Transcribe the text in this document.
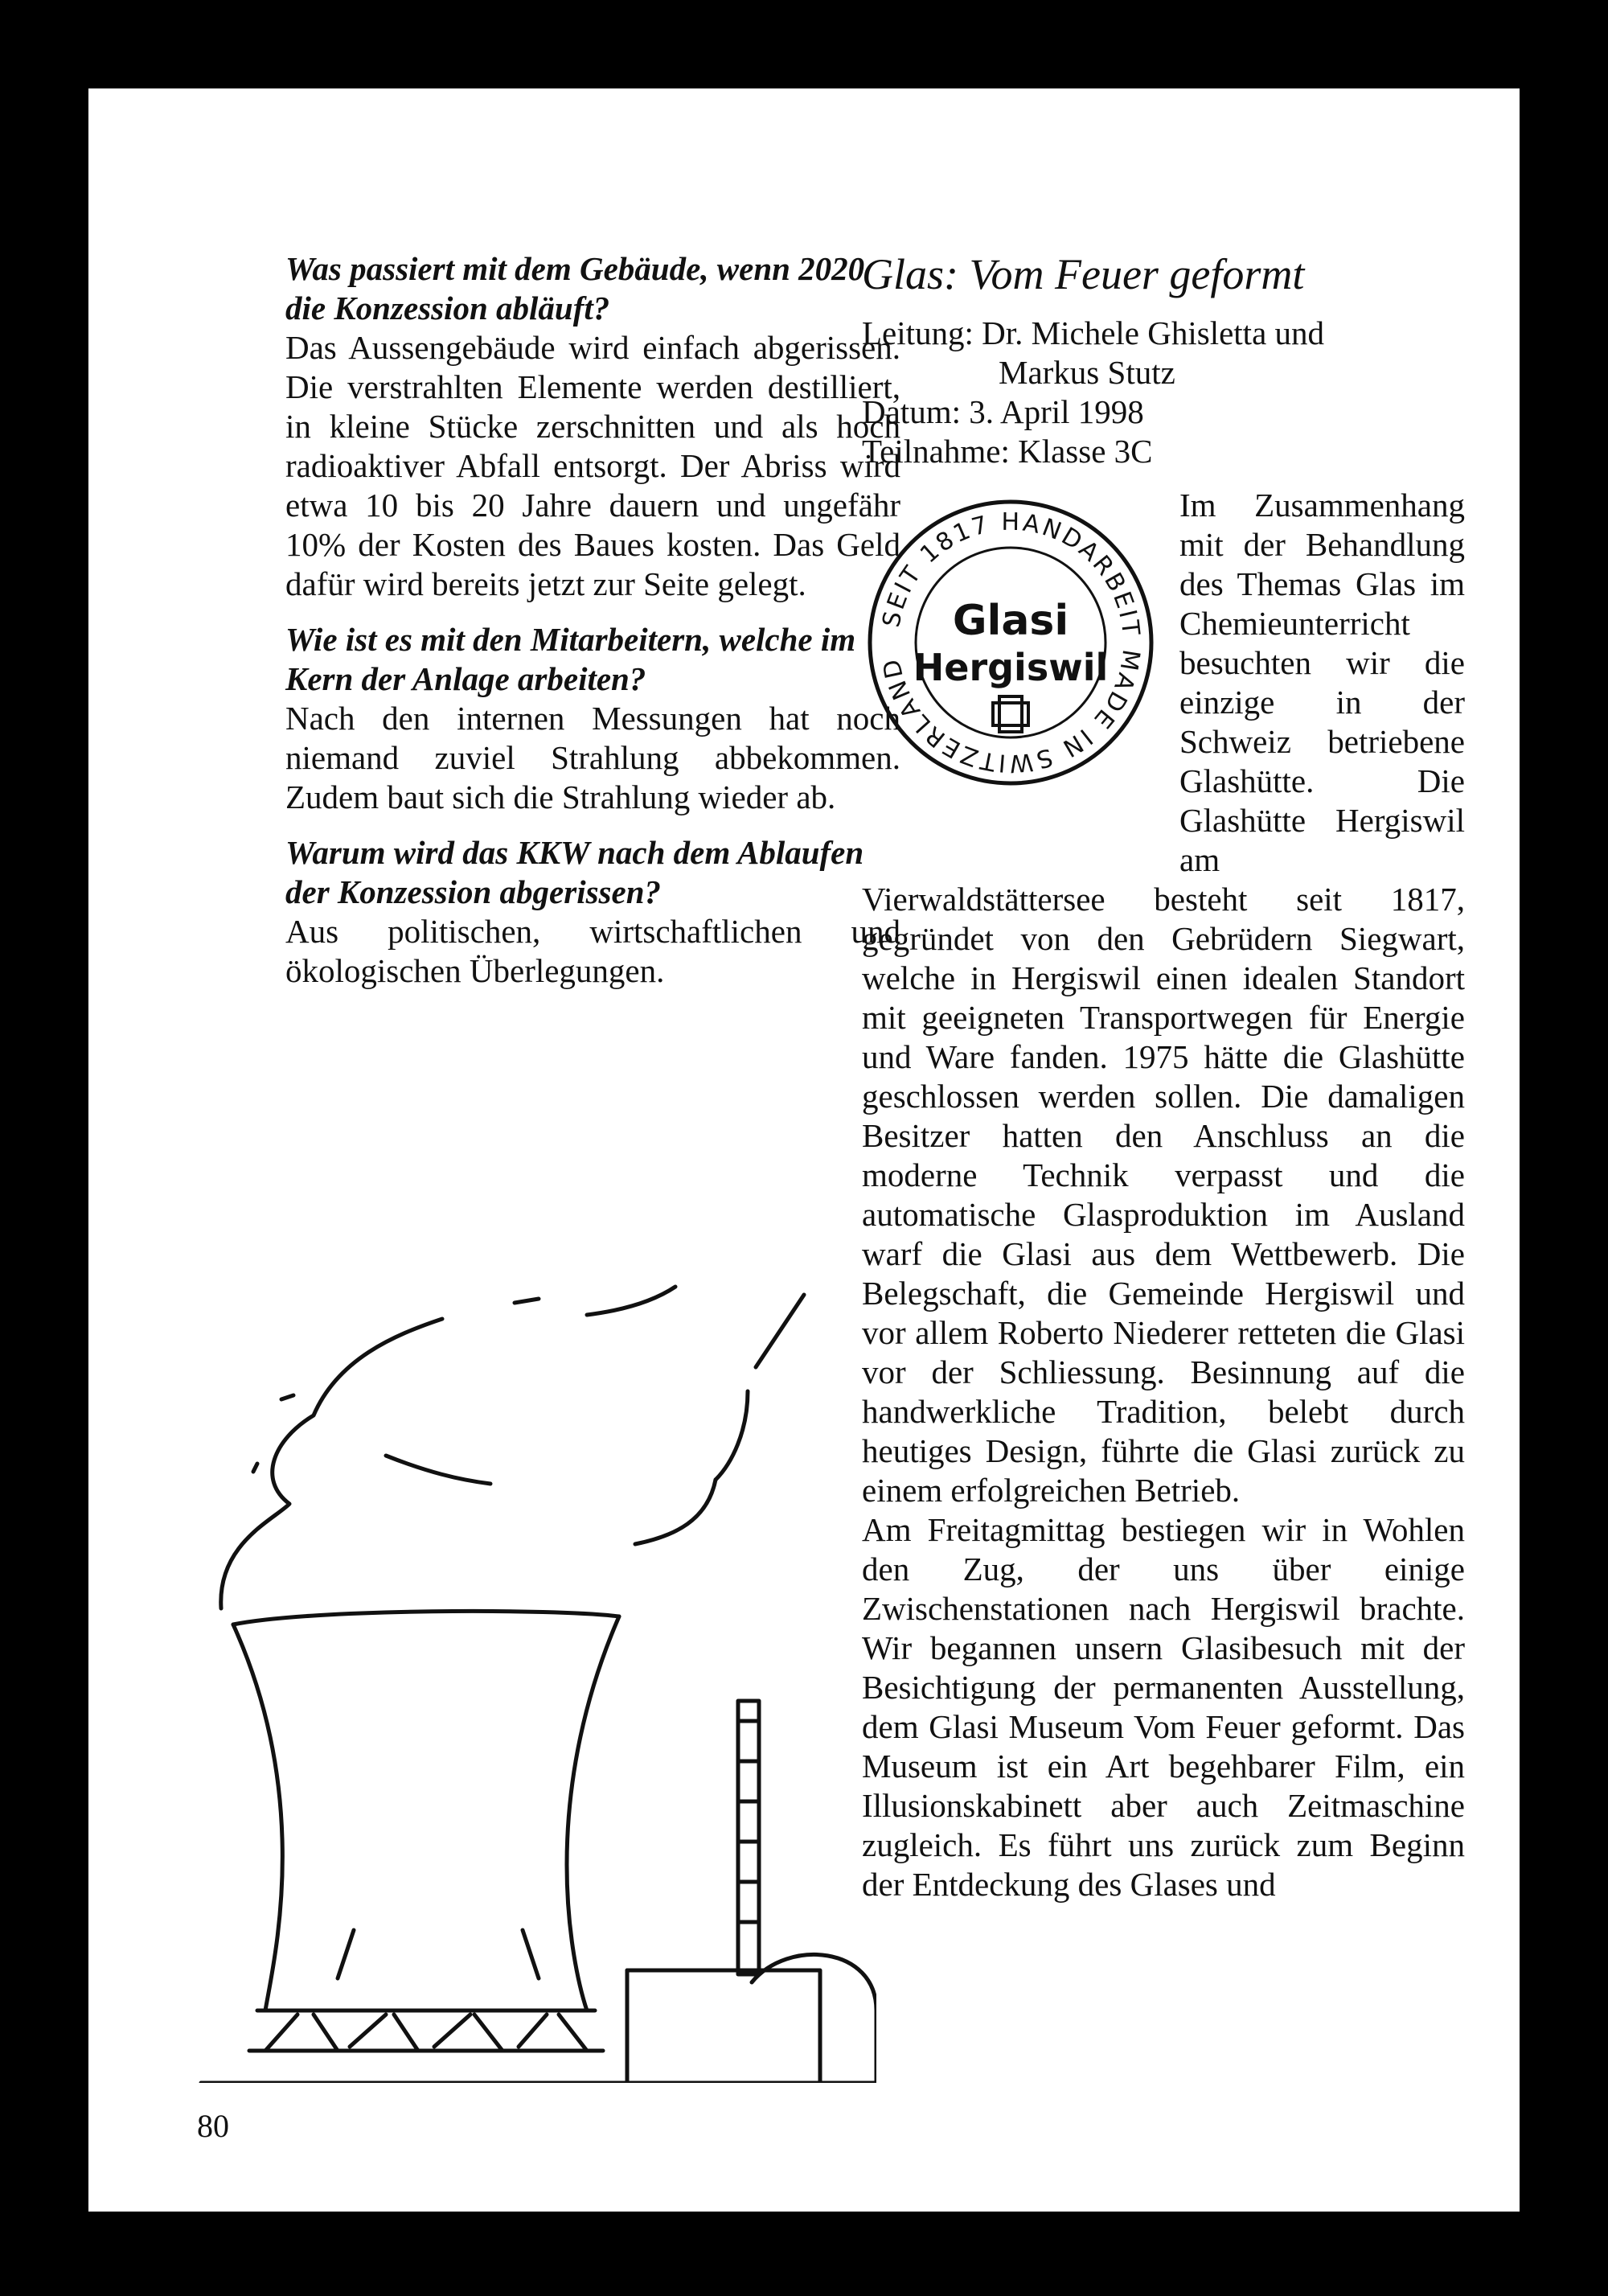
Was passiert mit dem Gebäude, wenn 2020 die Konzession abläuft?
Das Aussengebäude wird einfach abgerissen. Die verstrahlten Elemente werden destilliert, in kleine Stücke zerschnitten und als hoch radioaktiver Abfall entsorgt. Der Abriss wird etwa 10 bis 20 Jahre dauern und ungefähr 10% der Kosten des Baues kosten. Das Geld dafür wird bereits jetzt zur Seite gelegt.
Wie ist es mit den Mitarbeitern, welche im Kern der Anlage arbeiten?
Nach den internen Messungen hat noch niemand zuviel Strahlung abbekommen. Zudem baut sich die Strahlung wieder ab.
Warum wird das KKW nach dem Ablaufen der Konzession abgerissen?
Aus politischen, wirtschaftlichen und ökologischen Überlegungen.
Glas: Vom Feuer geformt
Leitung: Dr. Michele Ghisletta und
Markus Stutz
Datum: 3. April 1998
Teilnahme: Klasse 3C
SEIT 1817 HANDARBEIT MADE IN SWITZERLAND
Glasi
Hergiswil

Im Zusammenhang mit der Behandlung des Themas Glas im Chemieunterricht besuchten wir die einzige in der Schweiz betriebene Glashütte. Die Glashütte Hergiswil am Vierwaldstättersee besteht seit 1817, gegründet von den Gebrüdern Siegwart, welche in Hergiswil einen idealen Standort mit geeigneten Transportwegen für Energie und Ware fanden. 1975 hätte die Glashütte geschlossen werden sollen. Die damaligen Besitzer hatten den Anschluss an die moderne Technik verpasst und die automatische Glasproduktion im Ausland warf die Glasi aus dem Wettbewerb. Die Belegschaft, die Gemeinde Hergiswil und vor allem Roberto Niederer retteten die Glasi vor der Schliessung. Besinnung auf die handwerkliche Tradition, belebt durch heutiges Design, führte die Glasi zurück zu einem erfolgreichen Betrieb.

Am Freitagmittag bestiegen wir in Wohlen den Zug, der uns über einige Zwischenstationen nach Hergiswil brachte. Wir begannen unsern Glasibesuch mit der Besichtigung der permanenten Ausstellung, dem Glasi Museum Vom Feuer geformt. Das Museum ist ein Art begehbarer Film, ein Illusionskabinett aber auch Zeitmaschine zugleich. Es führt uns zurück zum Beginn der Entdeckung des Glases und

80
